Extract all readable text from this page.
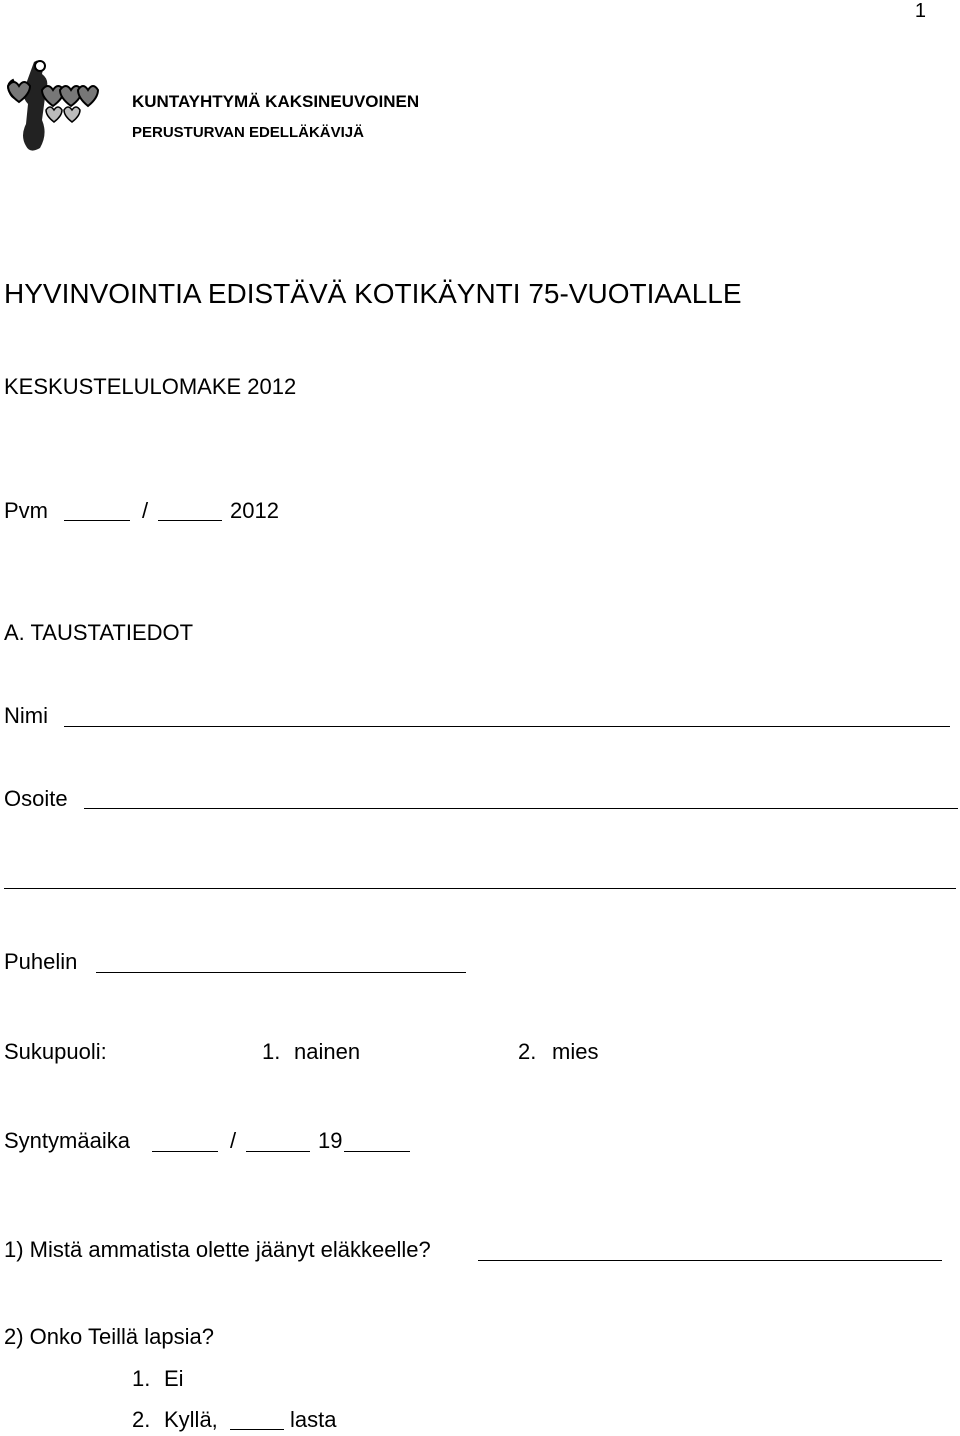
1
KUNTAYHTYMÄ KAKSINEUVOINEN
PERUSTURVAN EDELLÄKÄVIJÄ
HYVINVOINTIA EDISTÄVÄ KOTIKÄYNTI 75-VUOTIAALLE
KESKUSTELULOMAKE 2012
Pvm	/	2012
A. TAUSTATIEDOT
Nimi
Osoite
Puhelin
Sukupuoli:	1. nainen	2. mies
Syntymäaika	/	19
1) Mistä ammatista olette jäänyt eläkkeelle?
2) Onko Teillä lapsia?
1. Ei
2. Kyllä,	lasta
